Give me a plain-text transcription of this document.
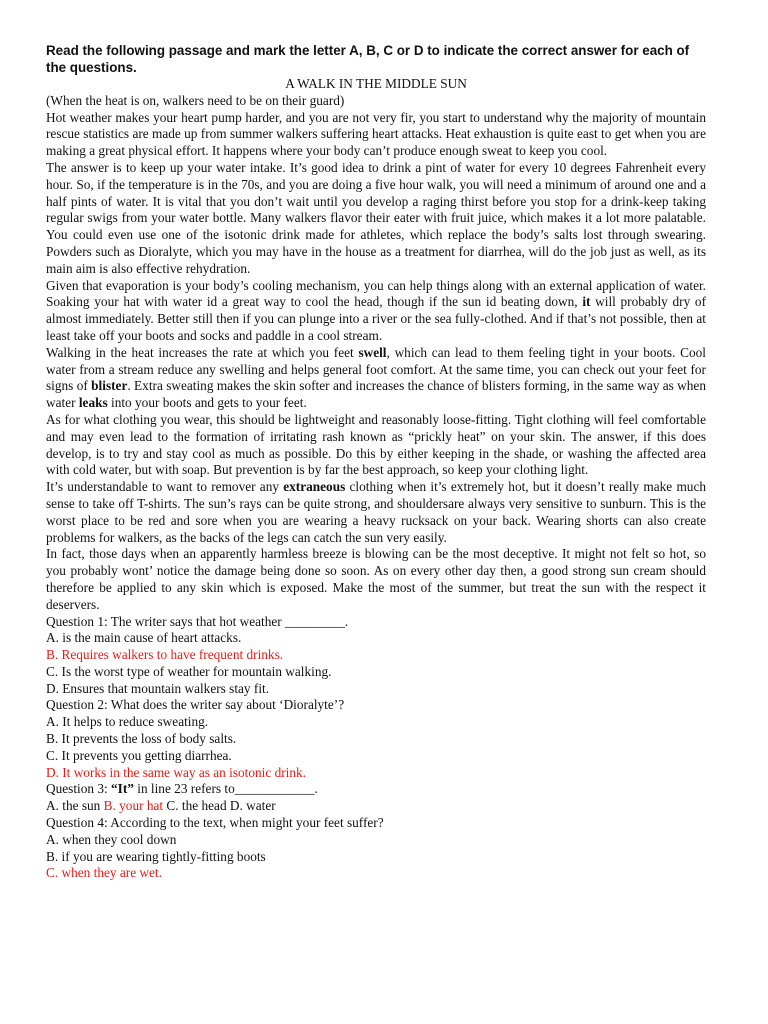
Read the following passage and mark the letter A, B, C or D to indicate the correct answer for each of the questions.

A WALK IN THE MIDDLE SUN

(When the heat is on, walkers need to be on their guard)

Hot weather makes your heart pump harder, and you are not very fir, you start to understand why the majority of mountain rescue statistics are made up from summer walkers suffering heart attacks. Heat exhaustion is quite east to get when you are making a great physical effort. It happens where your body can’t produce enough sweat to keep you cool.

The answer is to keep up your water intake. It’s good idea to drink a pint of water for every 10 degrees Fahrenheit every hour. So, if the temperature is in the 70s, and you are doing a five hour walk, you will need a minimum of around one and a half pints of water. It is vital that you don’t wait until you develop a raging thirst before you stop for a drink-keep taking regular swigs from your water bottle. Many walkers flavor their eater with fruit juice, which makes it a lot more palatable. You could even use one of the isotonic drink made for athletes, which replace the body’s salts lost through swearing. Powders such as Dioralyte, which you may have in the house as a treatment for diarrhea, will do the job just as well, as its main aim is also effective rehydration.

Given that evaporation is your body’s cooling mechanism, you can help things along with an external application of water. Soaking your hat with water id a great way to cool the head, though if the sun id beating down, it will probably dry of almost immediately. Better still then if you can plunge into a river or the sea fully-clothed. And if that’s not possible, then at least take off your boots and socks and paddle in a cool stream.

Walking in the heat increases the rate at which you feet swell, which can lead to them feeling tight in your boots. Cool water from a stream reduce any swelling and helps general foot comfort. At the same time, you can check out your feet for signs of blister. Extra sweating makes the skin softer and increases the chance of blisters forming, in the same way as when water leaks into your boots and gets to your feet.

As for what clothing you wear, this should be lightweight and reasonably loose-fitting. Tight clothing will feel comfortable and may even lead to the formation of irritating rash known as “prickly heat” on your skin. The answer, if this does develop, is to try and stay cool as much as possible. Do this by either keeping in the shade, or washing the affected area with cold water, but with soap. But prevention is by far the best approach, so keep your clothing light.

It’s understandable to want to remover any extraneous clothing when it’s extremely hot, but it doesn’t really make much sense to take off T-shirts. The sun’s rays can be quite strong, and shouldersare always very sensitive to sunburn. This is the worst place to be red and sore when you are wearing a heavy rucksack on your back. Wearing shorts can also create problems for walkers, as the backs of the legs can catch the sun very easily.

In fact, those days when an apparently harmless breeze is blowing can be the most deceptive. It might not felt so hot, so you probably wont’ notice the damage being done so soon. As on every other day then, a good strong sun cream should therefore be applied to any skin which is exposed. Make the most of the summer, but treat the sun with the respect it deservers.

Question 1: The writer says that hot weather _________.

A. is the main cause of heart attacks.

B. Requires walkers to have frequent drinks.

C. Is the worst type of weather for mountain walking.

D. Ensures that mountain walkers stay fit.

Question 2: What does the writer say about ‘Dioralyte’?

A. It helps to reduce sweating.

B. It prevents the loss of body salts.

C. It prevents you getting diarrhea.

D. It works in the same way as an isotonic drink.

Question 3: “It” in line 23 refers to____________.

A. the sun B. your hat C. the head D. water

Question 4: According to the text, when might your feet suffer?

A. when they cool down

B. if you are wearing tightly-fitting boots

C. when they are wet.
